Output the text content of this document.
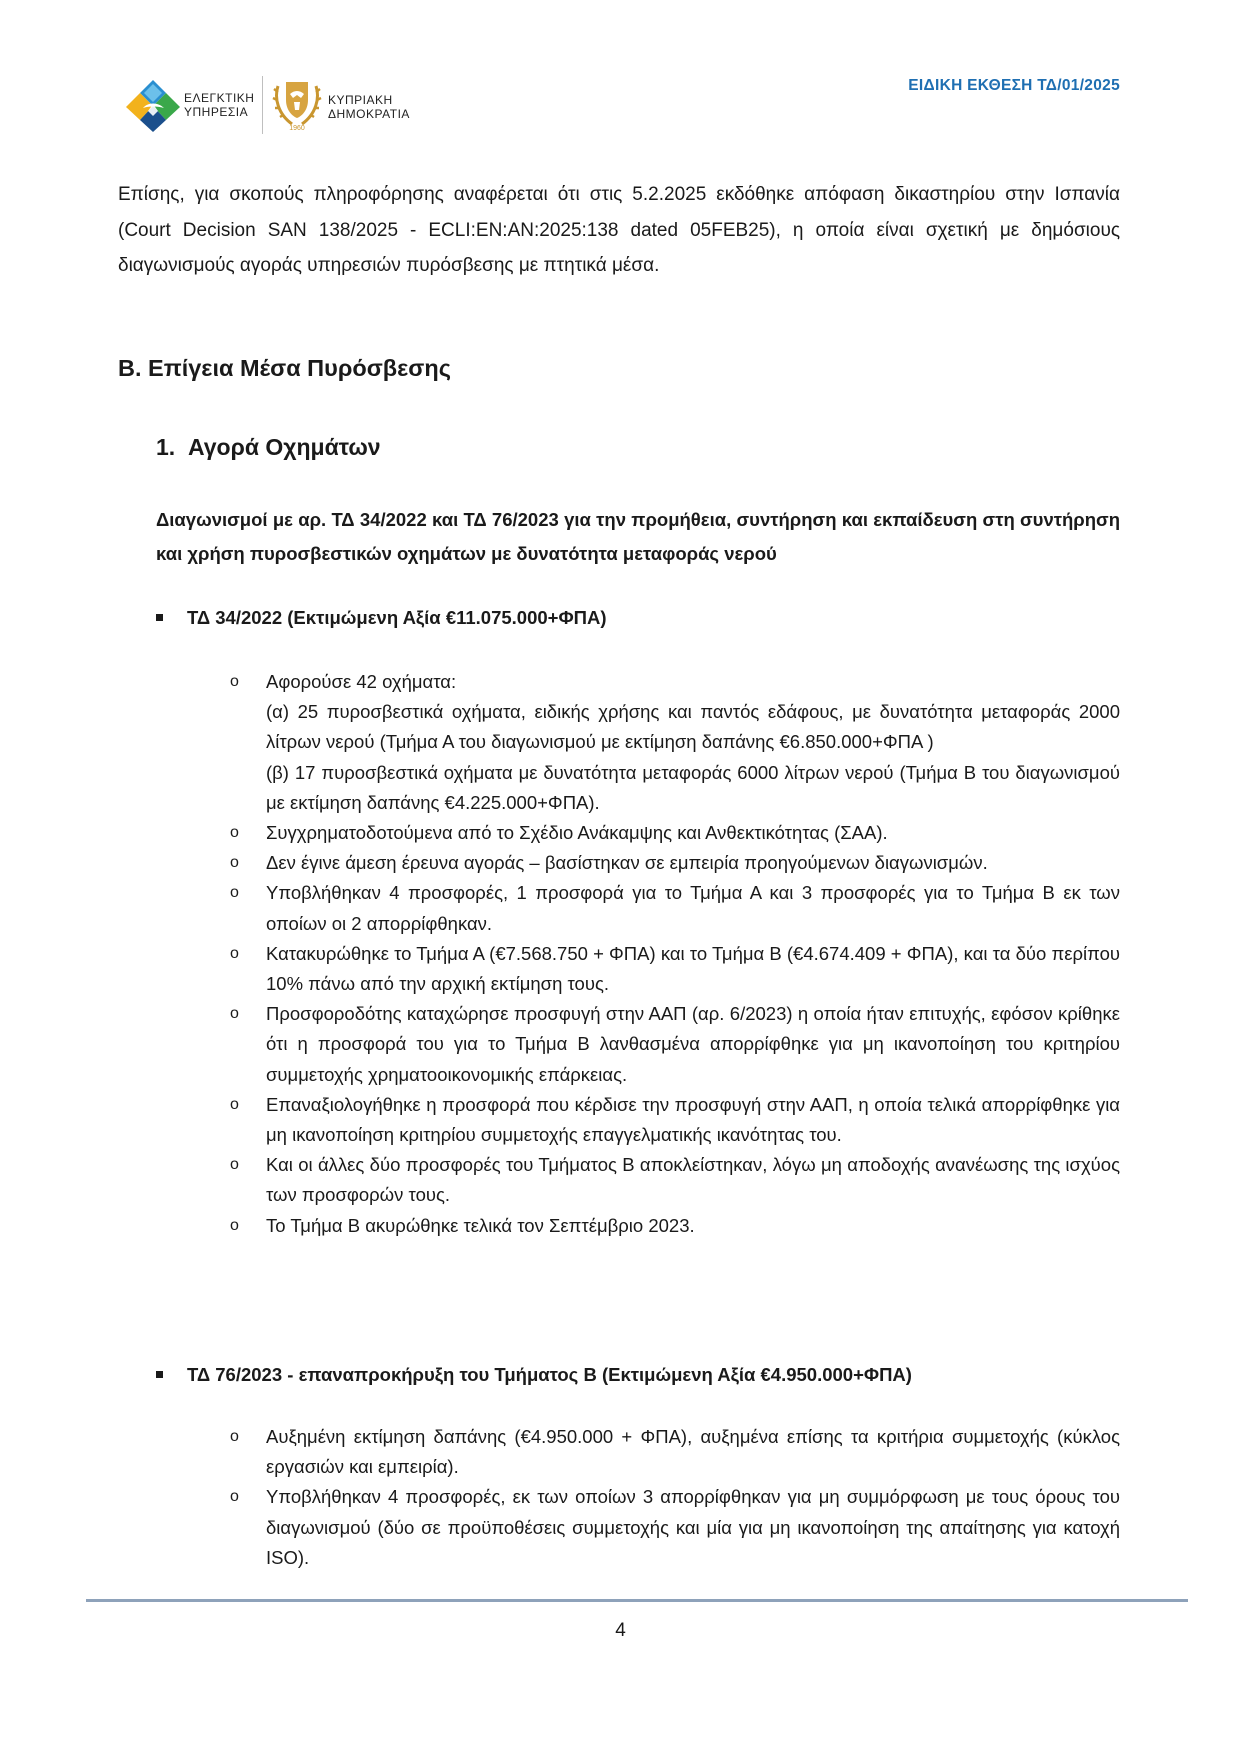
ΕΛΕΓΚΤΙΚΗ
ΥΠΗΡΕΣΙΑ
1960
ΚΥΠΡΙΑΚΗ
ΔΗΜΟΚΡΑΤΙΑ
ΕΙΔΙΚΗ ΕΚΘΕΣΗ ΤΔ/01/2025
Επίσης, για σκοπούς πληροφόρησης αναφέρεται ότι στις 5.2.2025 εκδόθηκε απόφαση δικαστηρίου στην Ισπανία (Court Decision SAN 138/2025 - ECLI:EN:AN:2025:138 dated 05FEB25), η οποία είναι σχετική με δημόσιους διαγωνισμούς αγοράς υπηρεσιών πυρόσβεσης με πτητικά μέσα.
Β. Επίγεια Μέσα Πυρόσβεσης
1. Αγορά Οχημάτων
Διαγωνισμοί με αρ. ΤΔ 34/2022 και ΤΔ 76/2023 για την προμήθεια, συντήρηση και εκπαίδευση στη συντήρηση και χρήση πυροσβεστικών οχημάτων με δυνατότητα μεταφοράς νερού
ΤΔ 34/2022 (Εκτιμώμενη Αξία €11.075.000+ΦΠΑ)
o Αφορούσε 42 οχήματα:
(α) 25 πυροσβεστικά οχήματα, ειδικής χρήσης και παντός εδάφους, με δυνατότητα μεταφοράς 2000 λίτρων νερού (Τμήμα Α του διαγωνισμού με εκτίμηση δαπάνης €6.850.000+ΦΠΑ )
(β) 17 πυροσβεστικά οχήματα με δυνατότητα μεταφοράς 6000 λίτρων νερού (Τμήμα Β του διαγωνισμού με εκτίμηση δαπάνης €4.225.000+ΦΠΑ).
o Συγχρηματοδοτούμενα από το Σχέδιο Ανάκαμψης και Ανθεκτικότητας (ΣΑΑ).
o Δεν έγινε άμεση έρευνα αγοράς – βασίστηκαν σε εμπειρία προηγούμενων διαγωνισμών.
o Υποβλήθηκαν 4 προσφορές, 1 προσφορά για το Τμήμα Α και 3 προσφορές για το Τμήμα Β εκ των οποίων οι 2 απορρίφθηκαν.
o Κατακυρώθηκε το Τμήμα Α (€7.568.750 + ΦΠΑ) και το Τμήμα Β (€4.674.409 + ΦΠΑ), και τα δύο περίπου 10% πάνω από την αρχική εκτίμηση τους.
o Προσφοροδότης καταχώρησε προσφυγή στην ΑΑΠ (αρ. 6/2023) η οποία ήταν επιτυχής, εφόσον κρίθηκε ότι η προσφορά του για το Τμήμα Β λανθασμένα απορρίφθηκε για μη ικανοποίηση του κριτηρίου συμμετοχής χρηματοοικονομικής επάρκειας.
o Επαναξιολογήθηκε η προσφορά που κέρδισε την προσφυγή στην ΑΑΠ, η οποία τελικά απορρίφθηκε για μη ικανοποίηση κριτηρίου συμμετοχής επαγγελματικής ικανότητας του.
o Και οι άλλες δύο προσφορές του Τμήματος Β αποκλείστηκαν, λόγω μη αποδοχής ανανέωσης της ισχύος των προσφορών τους.
o Το Τμήμα Β ακυρώθηκε τελικά τον Σεπτέμβριο 2023.
ΤΔ 76/2023 - επαναπροκήρυξη του Τμήματος Β (Εκτιμώμενη Αξία €4.950.000+ΦΠΑ)
o Αυξημένη εκτίμηση δαπάνης (€4.950.000 + ΦΠΑ), αυξημένα επίσης τα κριτήρια συμμετοχής (κύκλος εργασιών και εμπειρία).
o Υποβλήθηκαν 4 προσφορές, εκ των οποίων 3 απορρίφθηκαν για μη συμμόρφωση με τους όρους του διαγωνισμού (δύο σε προϋποθέσεις συμμετοχής και μία για μη ικανοποίηση της απαίτησης για κατοχή ISO).
4
